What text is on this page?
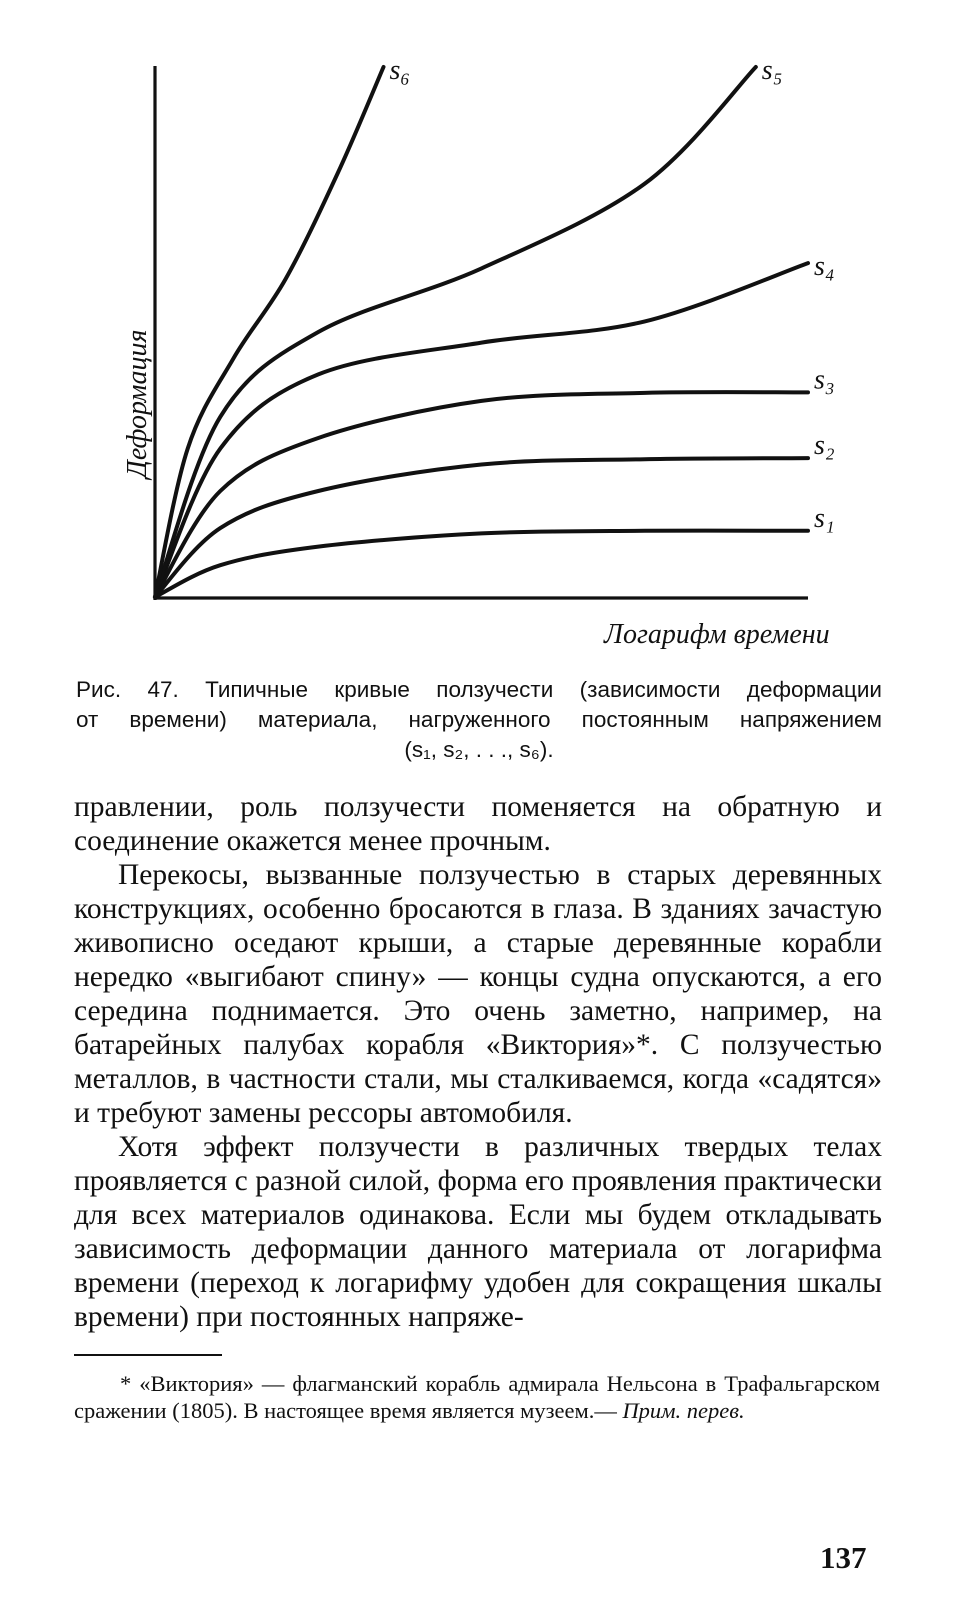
Деформация
Логарифм времени
s₁
s₂
s₃
s₄
s₅
s₆
Рис. 47. Типичные кривые ползучести (зависимости деформации
от времени) материала, нагруженного постоянным напряжением
(s₁, s₂, . . ., s₆).

правлении, роль ползучести поменяется на обратную и соединение окажется менее прочным.

Перекосы, вызванные ползучестью в старых деревянных конструкциях, особенно бросаются в глаза. В зданиях зачастую живописно оседают крыши, а старые деревянные корабли нередко «выгибают спину» — концы судна опускаются, а его середина поднимается. Это очень заметно, например, на батарейных палубах корабля «Виктория»*. С ползучестью металлов, в частности стали, мы сталкиваемся, когда «садятся» и требуют замены рессоры автомобиля.

Хотя эффект ползучести в различных твердых телах проявляется с разной силой, форма его проявления практически для всех материалов одинакова. Если мы будем откладывать зависимость деформации данного материала от логарифма времени (переход к логарифму удобен для сокращения шкалы времени) при постоянных напряже-

* «Виктория» — флагманский корабль адмирала Нельсона в Трафальгарском сражении (1805). В настоящее время является музеем.— Прим. перев.

137
